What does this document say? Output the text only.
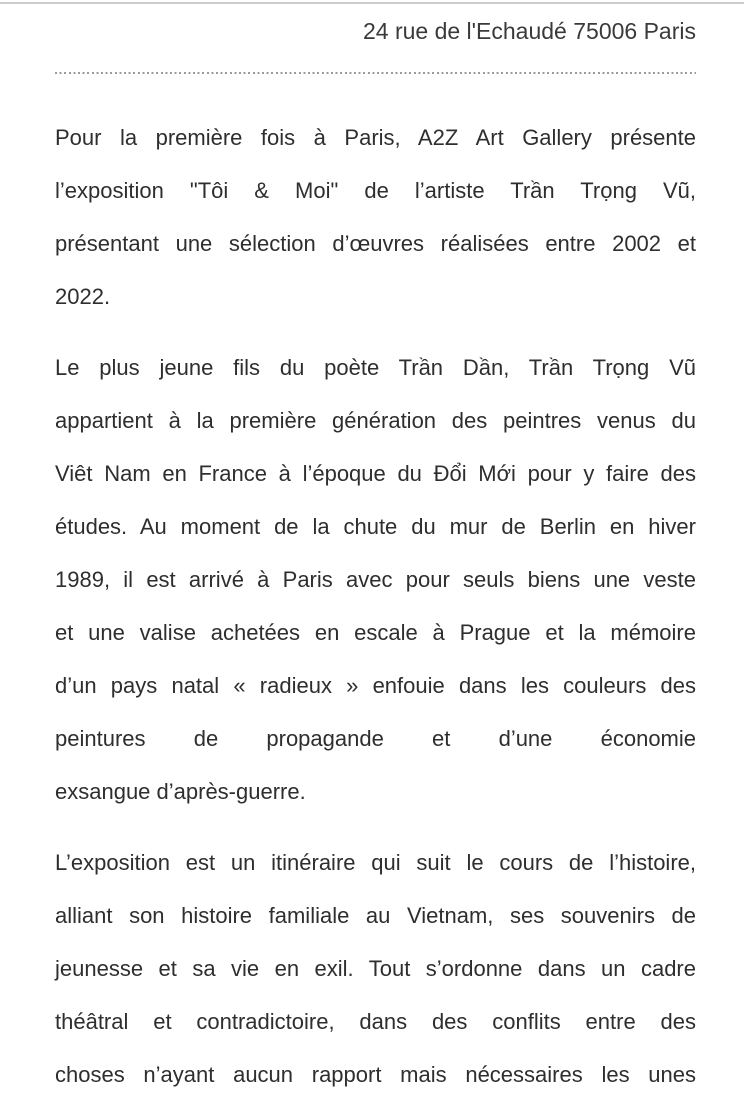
24 rue de l'Echaudé 75006 Paris

Pour la première fois à Paris, A2Z Art Gallery présente
l’exposition "Tôi & Moi" de l’artiste Trần Trọng Vũ,
présentant une sélection d’œuvres réalisées entre 2002 et
2022.

Le plus jeune fils du poète Trần Dần, Trần Trọng Vũ
appartient à la première génération des peintres venus du
Viêt Nam en France à l’époque du Đổi Mới pour y faire des
études. Au moment de la chute du mur de Berlin en hiver
1989, il est arrivé à Paris avec pour seuls biens une veste
et une valise achetées en escale à Prague et la mémoire
d’un pays natal « radieux » enfouie dans les couleurs des
peintures de propagande et d’une économie
exsangue d’après-guerre.

L’exposition est un itinéraire qui suit le cours de l’histoire,
alliant son histoire familiale au Vietnam, ses souvenirs de
jeunesse et sa vie en exil. Tout s’ordonne dans un cadre
théâtral et contradictoire, dans des conflits entre des
choses n’ayant aucun rapport mais nécessaires les unes
